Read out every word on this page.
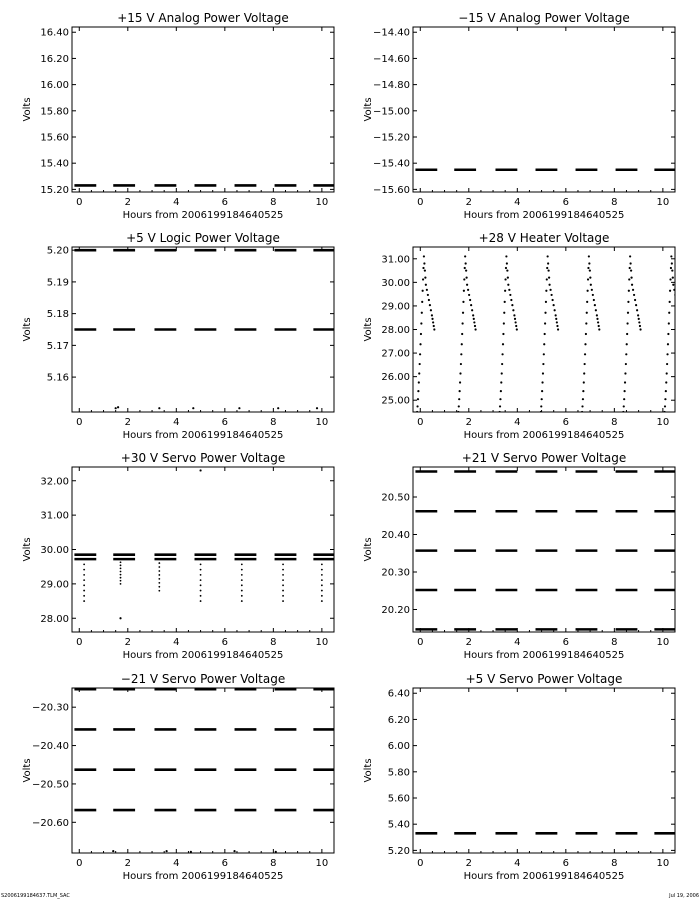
+15 V Analog Power Voltage
0	2	4	6	8	10
Hours from 2006199184640525
15.20
15.40
15.60
15.80
16.00
16.20
16.40
Volts
−15 V Analog Power Voltage
0	2	4	6	8	10
Hours from 2006199184640525
−15.60
−15.40
−15.20
−15.00
−14.80
−14.60
−14.40
Volts
+5 V Logic Power Voltage
0	2	4	6	8	10
Hours from 2006199184640525
5.16
5.17
5.18
5.19
5.20
Volts
+28 V Heater Voltage
0	2	4	6	8	10
Hours from 2006199184640525
25.00
26.00
27.00
28.00
29.00
30.00
31.00
Volts
+30 V Servo Power Voltage
0	2	4	6	8	10
Hours from 2006199184640525
28.00
29.00
30.00
31.00
32.00
Volts
+21 V Servo Power Voltage
0	2	4	6	8	10
Hours from 2006199184640525
20.20
20.30
20.40
20.50
Volts
−21 V Servo Power Voltage
0	2	4	6	8	10
Hours from 2006199184640525
−20.60
−20.50
−20.40
−20.30
Volts
+5 V Servo Power Voltage
0	2	4	6	8	10
Hours from 2006199184640525
5.20
5.40
5.60
5.80
6.00
6.20
6.40
Volts
S2006199184637.TLM_SAC	Jul 19, 2006
